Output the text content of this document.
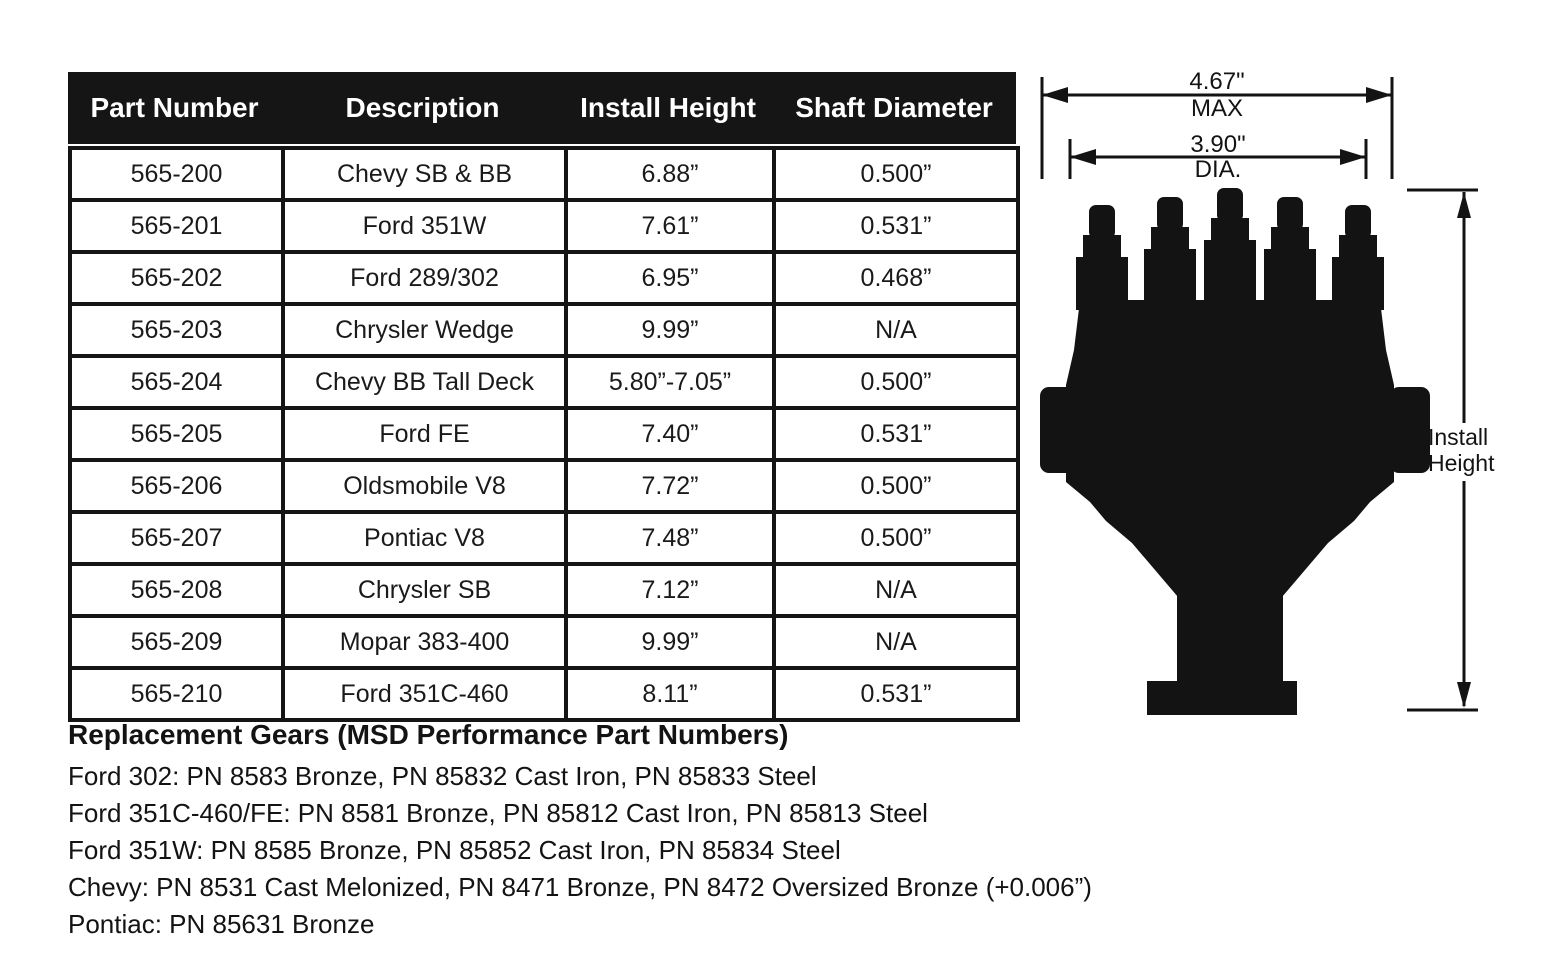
Part Number	Description	Install Height	Shaft Diameter
565-200	Chevy SB & BB	6.88”	0.500”
565-201	Ford 351W	7.61”	0.531”
565-202	Ford 289/302	6.95”	0.468”
565-203	Chrysler Wedge	9.99”	N/A
565-204	Chevy BB Tall Deck	5.80”-7.05”	0.500”
565-205	Ford FE	7.40”	0.531”
565-206	Oldsmobile V8	7.72”	0.500”
565-207	Pontiac V8	7.48”	0.500”
565-208	Chrysler SB	7.12”	N/A
565-209	Mopar 383-400	9.99”	N/A
565-210	Ford 351C-460	8.11”	0.531”
4.67"
MAX
3.90"
DIA.
Install
Height
Replacement Gears (MSD Performance Part Numbers)
Ford 302: PN 8583 Bronze, PN 85832 Cast Iron, PN 85833 Steel
Ford 351C-460/FE: PN 8581 Bronze, PN 85812 Cast Iron, PN 85813 Steel
Ford 351W: PN 8585 Bronze, PN 85852 Cast Iron, PN 85834 Steel
Chevy: PN 8531 Cast Melonized, PN 8471 Bronze, PN 8472 Oversized Bronze (+0.006”)
Pontiac: PN 85631 Bronze
